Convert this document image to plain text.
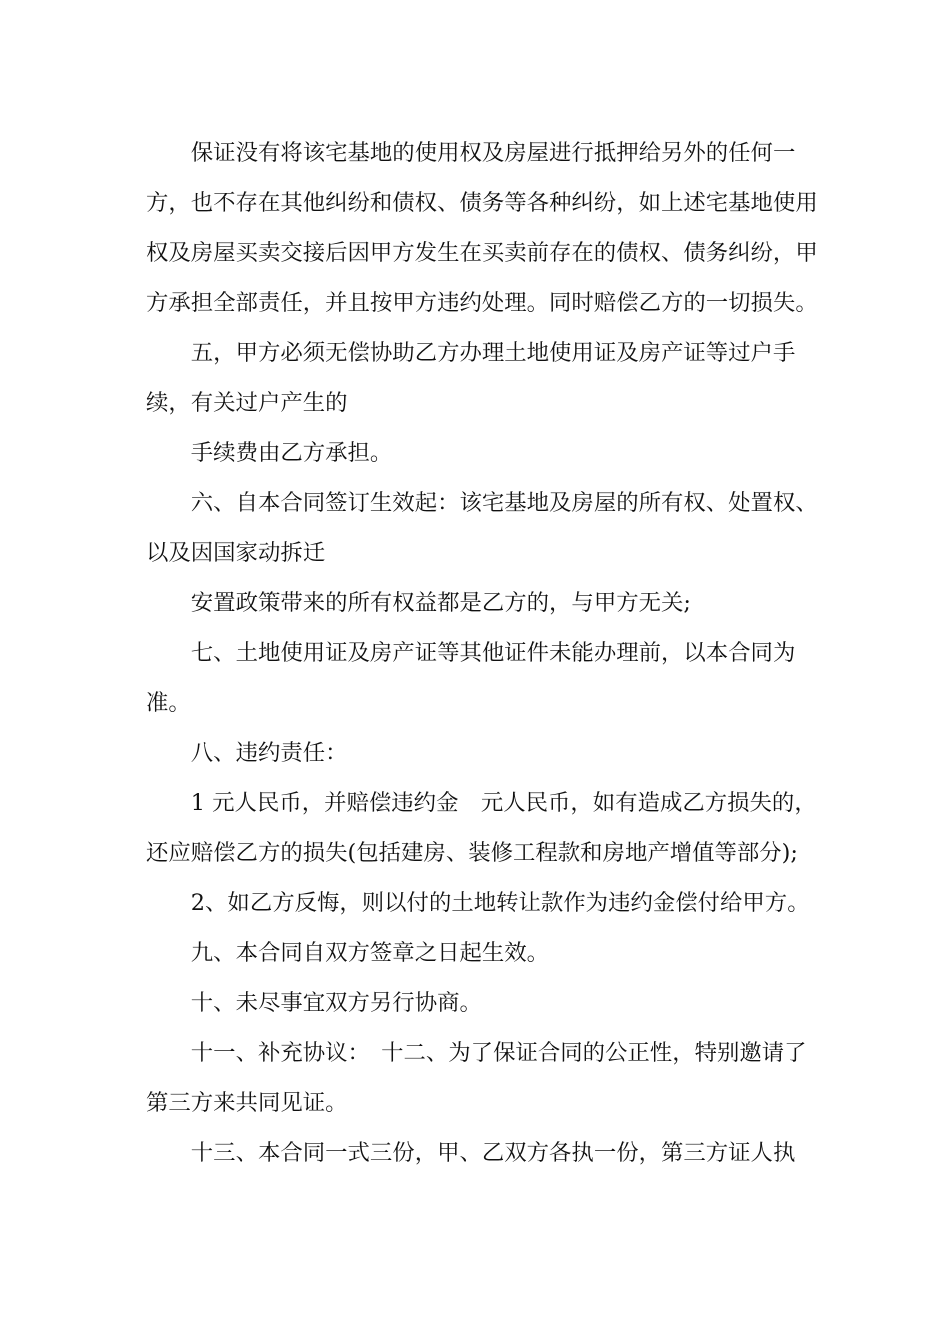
保证没有将该宅基地的使用权及房屋进行抵押给另外的任何一方，也不存在其他纠纷和债权、债务等各种纠纷，如上述宅基地使用权及房屋买卖交接后因甲方发生在买卖前存在的债权、债务纠纷，甲方承担全部责任，并且按甲方违约处理。同时赔偿乙方的一切损失。

五，甲方必须无偿协助乙方办理土地使用证及房产证等过户手续，有关过户产生的

手续费由乙方承担。

六、自本合同签订生效起：该宅基地及房屋的所有权、处置权、以及因国家动拆迁

安置政策带来的所有权益都是乙方的，与甲方无关;

七、土地使用证及房产证等其他证件未能办理前，以本合同为准。

八、违约责任：

1 元人民币，并赔偿违约金　元人民币，如有造成乙方损失的，还应赔偿乙方的损失(包括建房、装修工程款和房地产增值等部分);

2、如乙方反悔，则以付的土地转让款作为违约金偿付给甲方。

九、本合同自双方签章之日起生效。

十、未尽事宜双方另行协商。

十一、补充协议：　十二、为了保证合同的公正性，特别邀请了第三方来共同见证。

十三、本合同一式三份，甲、乙双方各执一份，第三方证人执
